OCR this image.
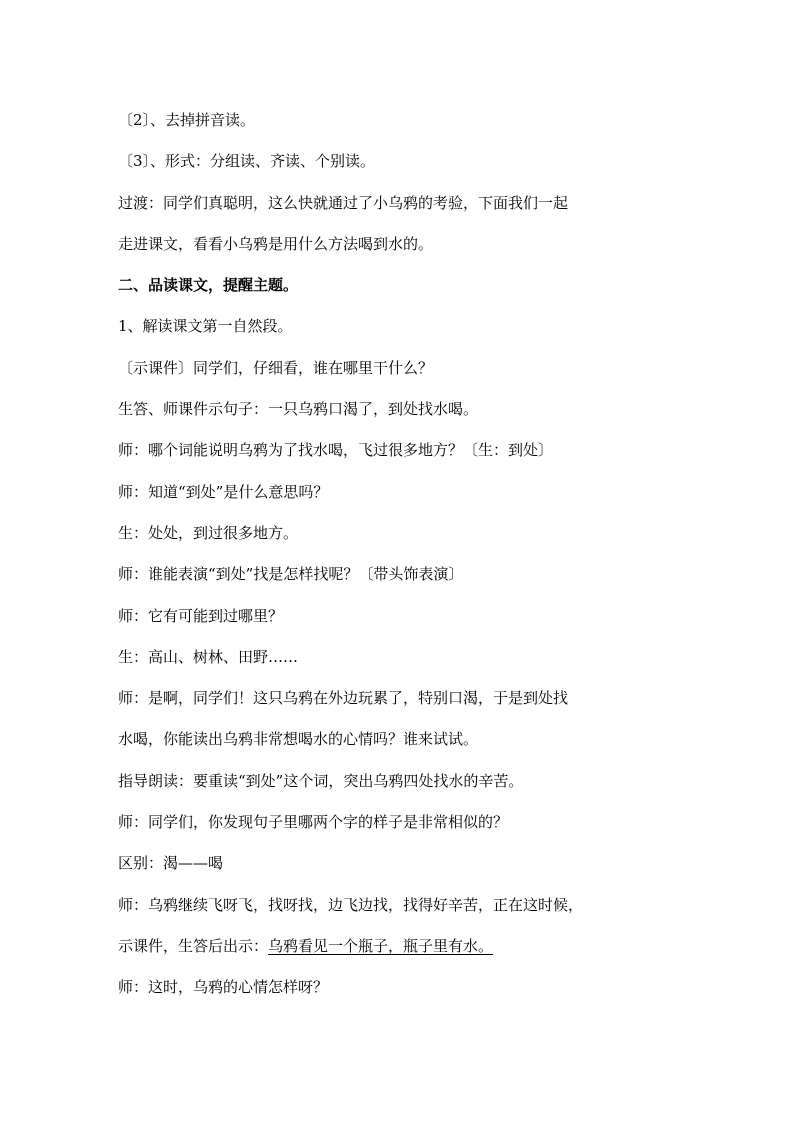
〔2〕、去掉拼音读。
〔3〕、形式：分组读、齐读、个别读。
过渡：同学们真聪明，这么快就通过了小乌鸦的考验，下面我们一起
走进课文，看看小乌鸦是用什么方法喝到水的。
二、品读课文，提醒主题。
1、解读课文第一自然段。
〔示课件〕同学们，仔细看，谁在哪里干什么？
生答、师课件示句子：一只乌鸦口渴了，到处找水喝。
师：哪个词能说明乌鸦为了找水喝，飞过很多地方？〔生：到处〕
师：知道“到处”是什么意思吗？
生：处处，到过很多地方。
师：谁能表演“到处”找是怎样找呢？〔带头饰表演〕
师：它有可能到过哪里？
生：高山、树林、田野……
师：是啊，同学们！这只乌鸦在外边玩累了，特别口渴，于是到处找
水喝，你能读出乌鸦非常想喝水的心情吗？谁来试试。
指导朗读：要重读“到处”这个词，突出乌鸦四处找水的辛苦。
师：同学们，你发现句子里哪两个字的样子是非常相似的？
区别：渴——喝
师：乌鸦继续飞呀飞，找呀找，边飞边找，找得好辛苦，正在这时候，
示课件，生答后出示：乌鸦看见一个瓶子，瓶子里有水。
师：这时，乌鸦的心情怎样呀？
